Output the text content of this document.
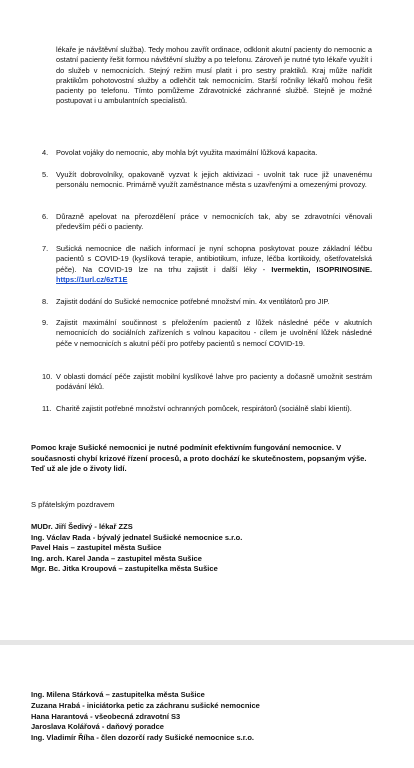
lékaře je návštěvní služba). Tedy mohou zavřít ordinace, odklonit akutní pacienty do nemocnic a ostatní pacienty řešit formou návštěvní služby a po telefonu. Zároveň je nutné tyto lékaře využít i do služeb v nemocnicích. Stejný režim musí platit i pro sestry praktiků. Kraj může nařídit praktikům pohotovostní služby a odlehčit tak nemocnicím. Starší ročníky lékařů mohou řešit pacienty po telefonu. Tímto pomůžeme Zdravotnické záchranné službě. Stejně je možné postupovat i u ambulantních specialistů.

4. Povolat vojáky do nemocnic, aby mohla být využita maximální lůžková kapacita.
5. Využít dobrovolníky, opakovaně vyzvat k jejich aktivizaci - uvolnit tak ruce již unavenému personálu nemocnic. Primárně využít zaměstnance města s uzavřenými a omezenými provozy.
6. Důrazně apelovat na přerozdělení práce v nemocnicích tak, aby se zdravotníci věnovali především péči o pacienty.
7. Sušická nemocnice dle našich informací je nyní schopna poskytovat pouze základní léčbu pacientů s COVID-19 (kyslíková terapie, antibiotikum, infuze, léčba kortikoidy, ošetřovatelská péče). Na COVID-19 lze na trhu zajistit i další léky - Ivermektin, ISOPRINOSINE. https://1url.cz/6zT1E
8. Zajistit dodání do Sušické nemocnice potřebné množství min. 4x ventilátorů pro JIP.
9. Zajistit maximální součinnost s přeložením pacientů z lůžek následné péče v akutních nemocnicích do sociálních zařízeních s volnou kapacitou - cílem je uvolnění lůžek následné péče v nemocnicích s akutní péčí pro potřeby pacientů s nemocí COVID-19.
10. V oblasti domácí péče zajistit mobilní kyslíkové lahve pro pacienty a dočasně umožnit sestrám podávání léků.
11. Charitě zajistit potřebné množství ochranných pomůcek, respirátorů (sociálně slabí klienti).

Pomoc kraje Sušické nemocnici je nutné podmínit efektivním fungování nemocnice. V současnosti chybí krizové řízení procesů, a proto dochází ke skutečnostem, popsaným výše. Teď už ale jde o životy lidí.

S přátelským pozdravem

MUDr. Jiří Šedivý - lékař ZZS
Ing. Václav Rada - bývalý jednatel Sušické nemocnice s.r.o.
Pavel Hais – zastupitel města Sušice
Ing. arch. Karel Janda – zastupitel města Sušice
Mgr. Bc. Jitka Kroupová – zastupitelka města Sušice
Ing. Milena Stárková – zastupitelka města Sušice
Zuzana Hrabá - iniciátorka petic za záchranu sušické nemocnice
Hana Harantová - všeobecná zdravotní S3
Jaroslava Kolářová - daňový poradce
Ing. Vladimír Říha - člen dozorčí rady Sušické nemocnice s.r.o.
